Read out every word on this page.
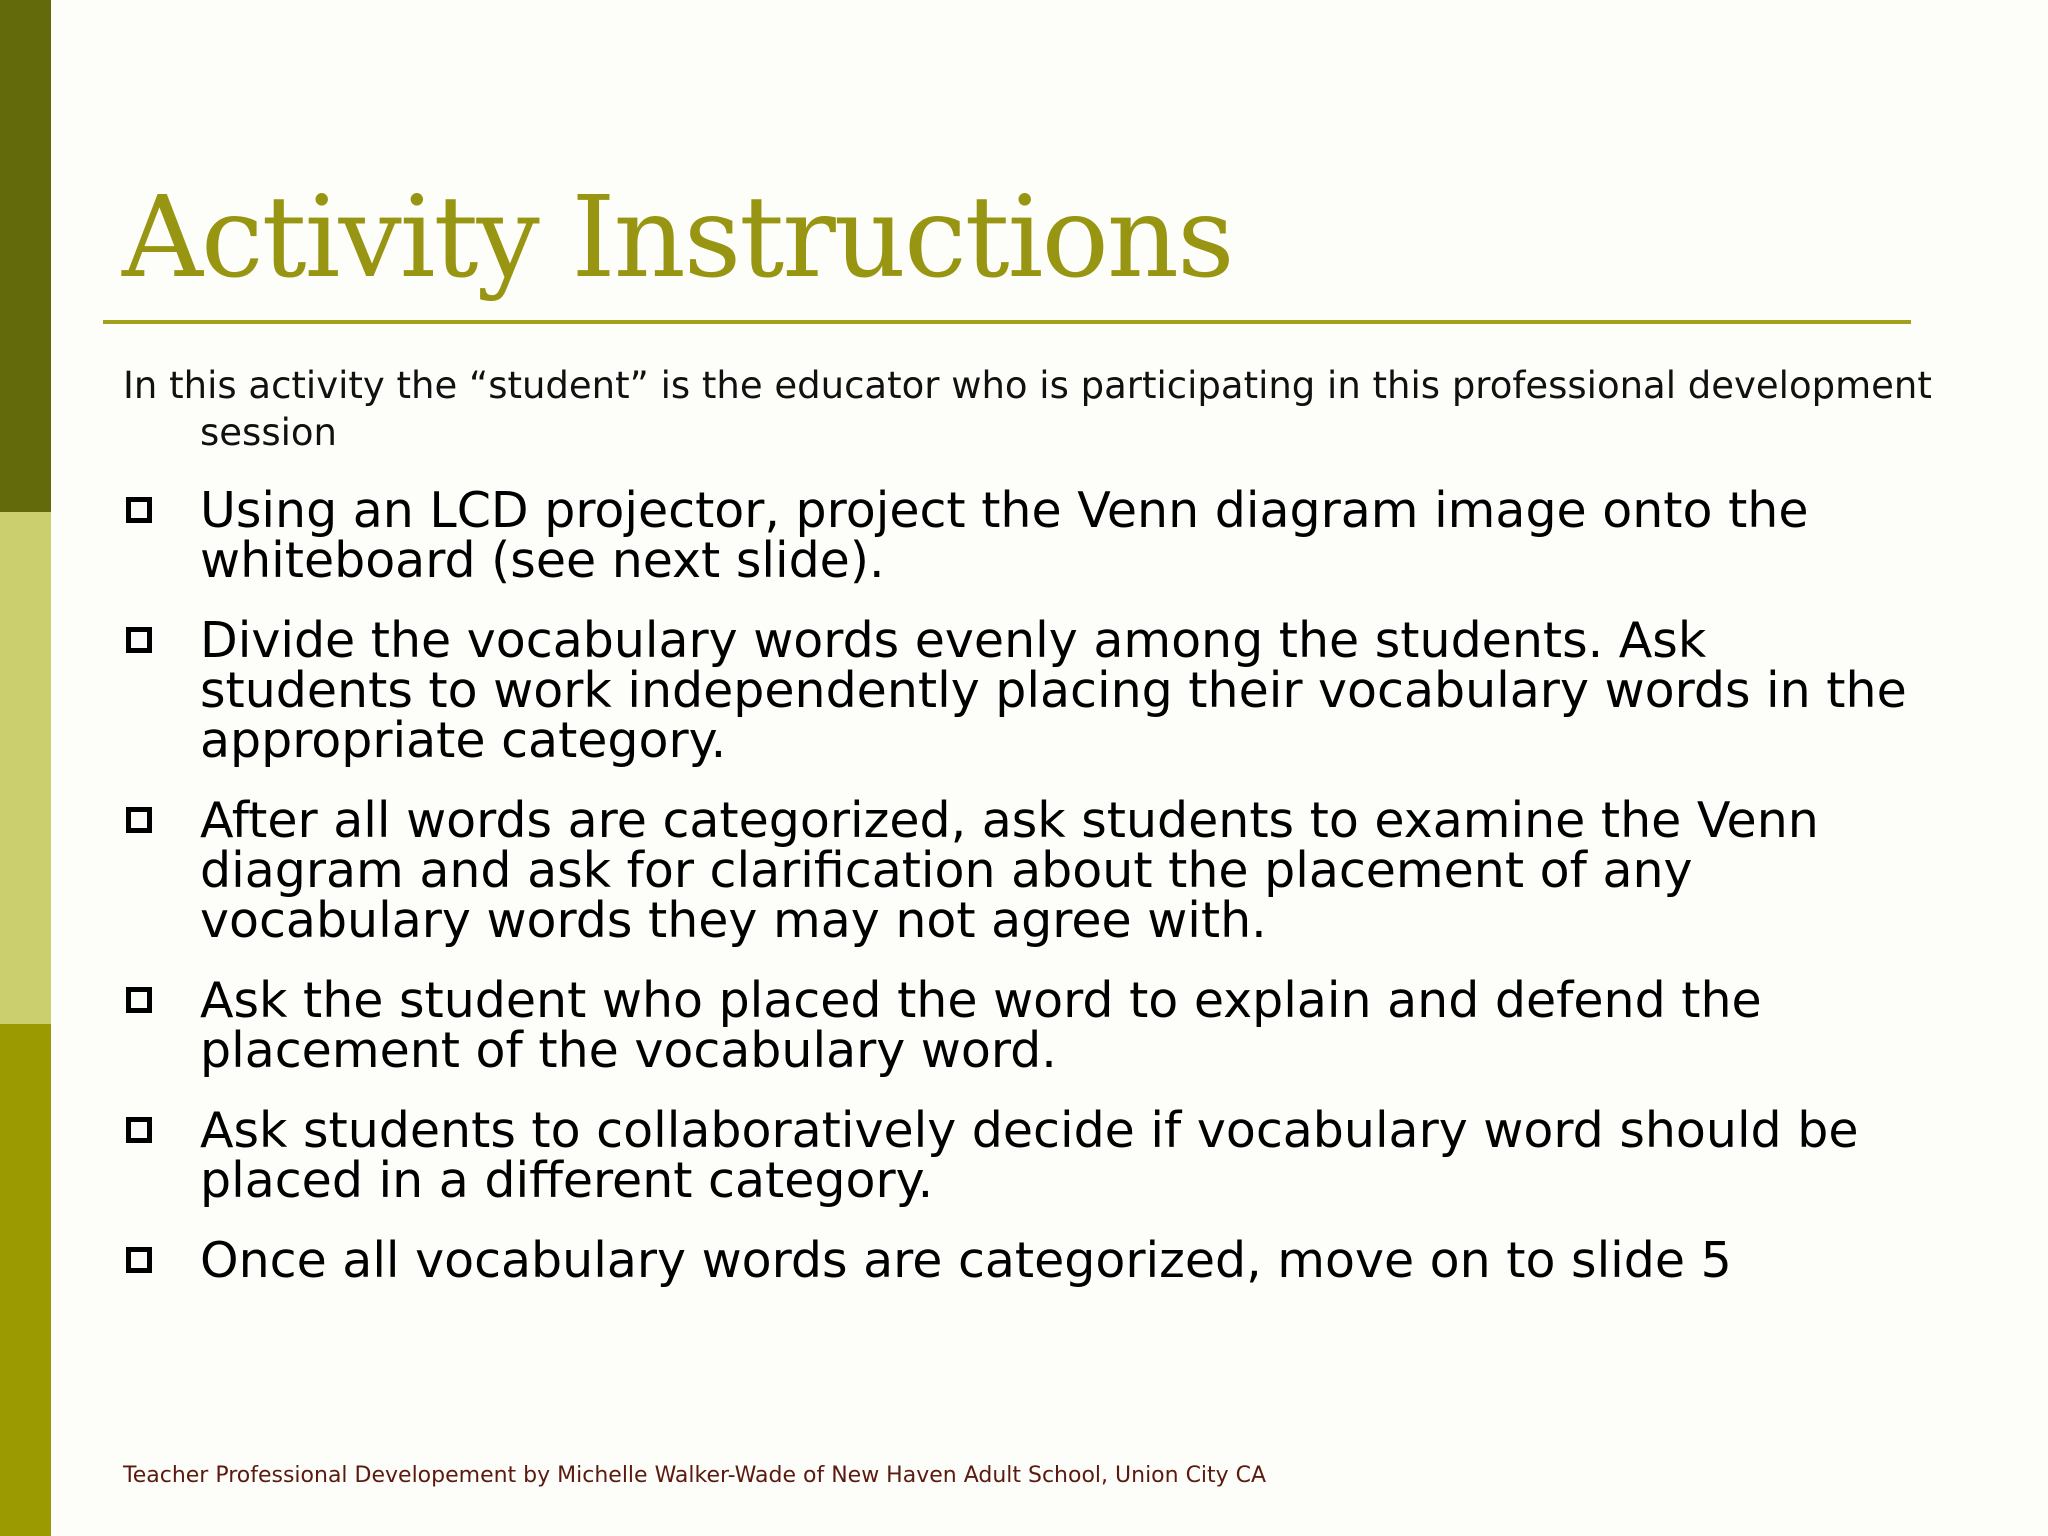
Activity Instructions

In this activity the “student” is the educator who is participating in this professional development session

Using an LCD projector, project the Venn diagram image onto the whiteboard (see next slide).
Divide the vocabulary words evenly among the students. Ask students to work independently placing their vocabulary words in the appropriate category.
After all words are categorized, ask students to examine the Venn diagram and ask for clarification about the placement of any vocabulary words they may not agree with.
Ask the student who placed the word to explain and defend the placement of the vocabulary word.
Ask students to collaboratively decide if vocabulary word should be placed in a different category.
Once all vocabulary words are categorized, move on to slide 5

Teacher Professional Developement by Michelle Walker-Wade of New Haven Adult School, Union City CA
